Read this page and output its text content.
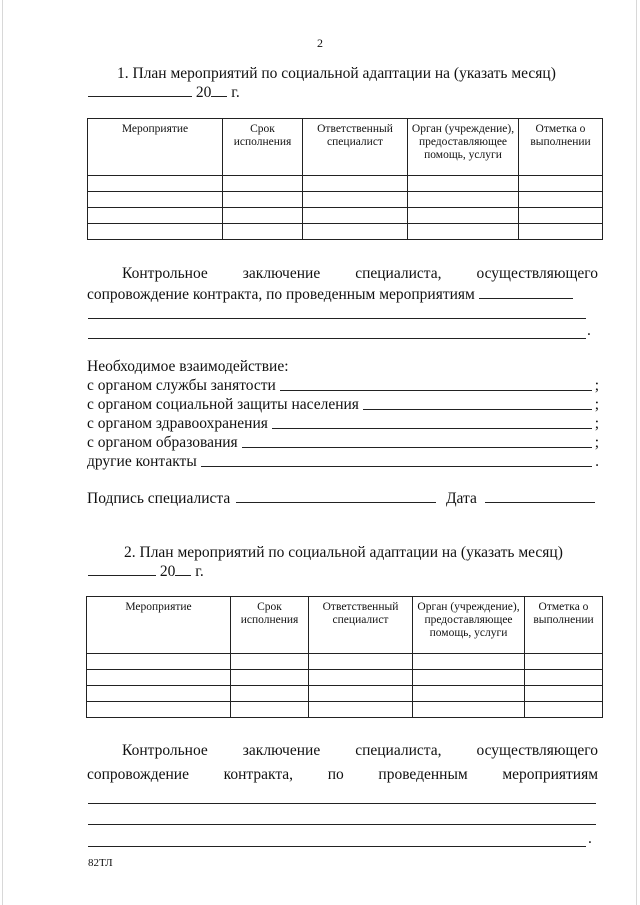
2
1. План мероприятий по социальной адаптации на (указать месяц)
20 г.
Мероприятие	Срок исполнения	Ответственный специалист	Орган (учреждение), предоставляющее помощь, услуги	Отметка о выполнении

Контрольное заключение специалиста, осуществляющего
сопровождение контракта, по проведенным мероприятиям
.
Необходимое взаимодействие:
с органом службы занятости	;
с органом социальной защиты населения	;
с органом здравоохранения	;
с органом образования	;
другие контакты	.
Подпись специалиста	Дата
2. План мероприятий по социальной адаптации на (указать месяц)
20 г.
Мероприятие	Срок исполнения	Ответственный специалист	Орган (учреждение), предоставляющее помощь, услуги	Отметка о выполнении

Контрольное заключение специалиста, осуществляющего
сопровождение контракта, по проведенным мероприятиям
.
82ТЛ
